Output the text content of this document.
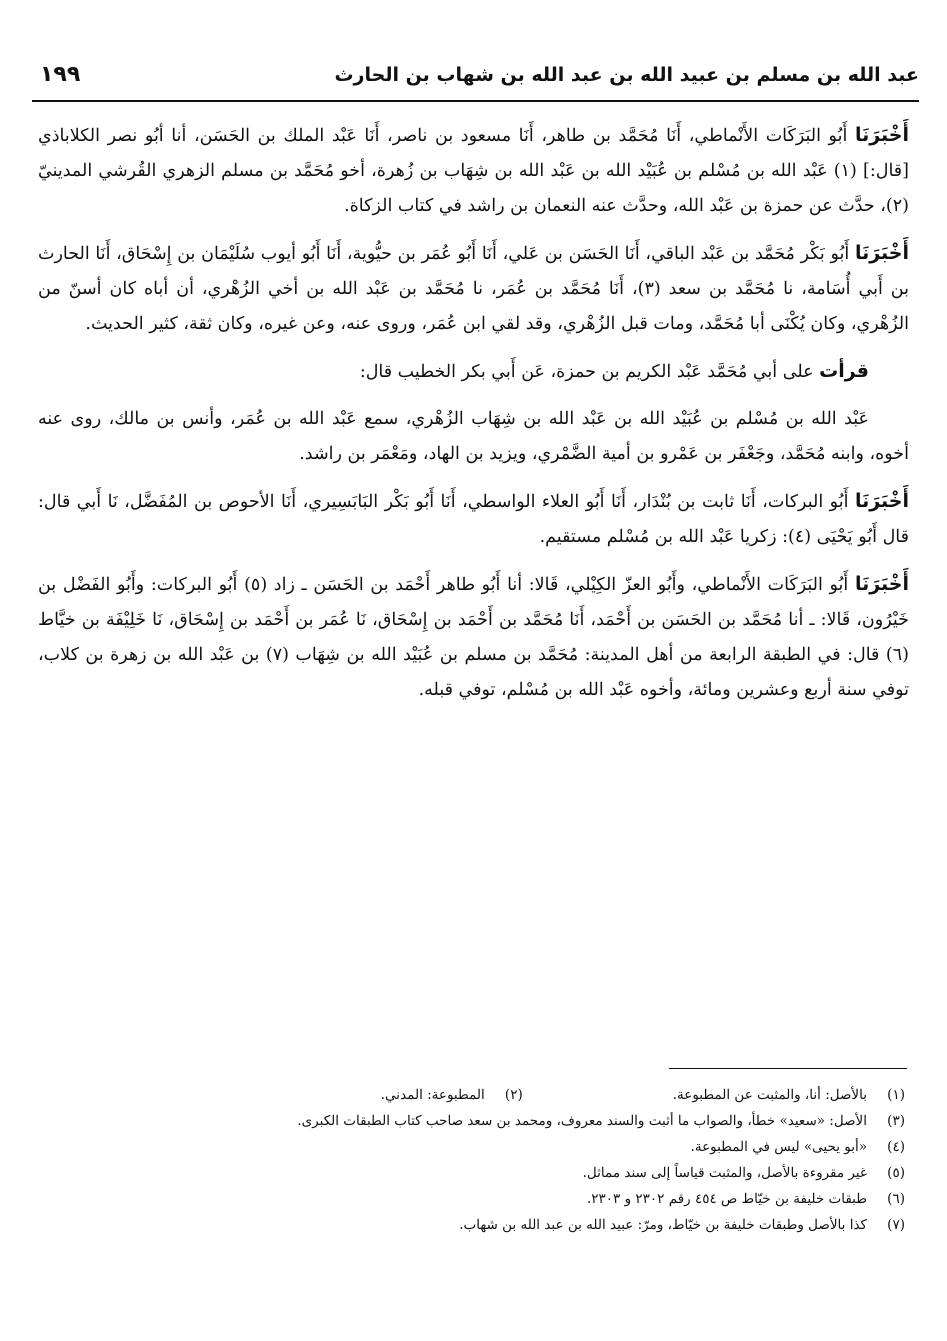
عبد الله بن مسلم بن عبيد الله بن عبد الله بن شهاب بن الحارث
١٩٩

أَخْبَرَنَا أَبُو البَرَكَات الأَنْماطي، أَنَا مُحَمَّد بن طاهر، أَنَا مسعود بن ناصر، أَنَا عَبْد الملك بن الحَسَن، أنا أبُو نصر الكلاباذي [قال:] (١) عَبْد الله بن مُسْلم بن عُبَيْد الله بن عَبْد الله بن شِهَاب بن زُهرة، أخو مُحَمَّد بن مسلم الزهري القُرشي المدينيّ (٢)، حدَّث عن حمزة بن عَبْد الله، وحدَّث عنه النعمان بن راشد في كتاب الزكاة.

أَخْبَرَنَا أَبُو بَكْر مُحَمَّد بن عَبْد الباقي، أَنَا الحَسَن بن عَلي، أَنَا أَبُو عُمَر بن حيُّوية، أَنَا أَبُو أيوب سُلَيْمَان بن إِسْحَاق، أَنَا الحارث بن أَبي أُسَامة، نا مُحَمَّد بن سعد (٣)، أَنَا مُحَمَّد بن عُمَر، نا مُحَمَّد بن عَبْد الله بن أخي الزُهْري، أن أباه كان أسنّ من الزُهْري، وكان يُكْنَى أبا مُحَمَّد، ومات قبل الزُهْري، وقد لقي ابن عُمَر، وروى عنه، وعن غيره، وكان ثقة، كثير الحديث.

قرأت على أبي مُحَمَّد عَبْد الكريم بن حمزة، عَن أَبي بكر الخطيب قال:

عَبْد الله بن مُسْلم بن عُبَيْد الله بن عَبْد الله بن شِهَاب الزُهْري، سمع عَبْد الله بن عُمَر، وأنس بن مالك، روى عنه أخوه، وابنه مُحَمَّد، وجَعْفَر بن عَمْرو بن أمية الضَّمْري، ويزيد بن الهاد، ومَعْمَر بن راشد.

أَخْبَرَنَا أَبُو البركات، أَنَا ثابت بن بُنْدَار، أَنَا أَبُو العلاء الواسطي، أَنَا أَبُو بَكْر البَابَسِيري، أَنَا الأحوص بن المُفَضَّل، نَا أَبي قال: قال أَبُو يَحْيَى (٤): زكريا عَبْد الله بن مُسْلم مستقيم.

أَخْبَرَنَا أَبُو البَرَكَات الأَنْماطي، وأَبُو العزّ الكِيْلي، قَالا: أنا أَبُو طاهر أَحْمَد بن الحَسَن ـ زاد (٥) أَبُو البركات: وأَبُو الفَضْل بن خَيْرُون، قَالا: ـ أنا مُحَمَّد بن الحَسَن بن أَحْمَد، أَنَا مُحَمَّد بن أَحْمَد بن إِسْحَاق، نَا عُمَر بن أَحْمَد بن إِسْحَاق، نَا خَلِيْفَة بن خيَّاط (٦) قال: في الطبقة الرابعة من أهل المدينة: مُحَمَّد بن مسلم بن عُبَيْد الله بن شِهَاب (٧) بن عَبْد الله بن زهرة بن كلاب، توفي سنة أربع وعشرين ومائة، وأخوه عَبْد الله بن مُسْلم، توفي قبله.

(١)
بالأصل: أنا، والمثبت عن المطبوعة.
(٢)
المطبوعة: المدني.
(٣)
الأصل: «سعيد» خطأ، والصواب ما أثبت والسند معروف، ومحمد بن سعد صاحب كتاب الطبقات الكبرى.
(٤)
«أبو يحيى» ليس في المطبوعة.
(٥)
غير مقروءة بالأصل، والمثبت قياساً إلى سند مماثل.
(٦)
طبقات خليفة بن خيّاط ص ٤٥٤ رقم ٢٣٠٢ و ٢٣٠٣.
(٧)
كذا بالأصل وطبقات خليفة بن خيّاط، ومرّ: عبيد الله بن عبد الله بن شهاب.
